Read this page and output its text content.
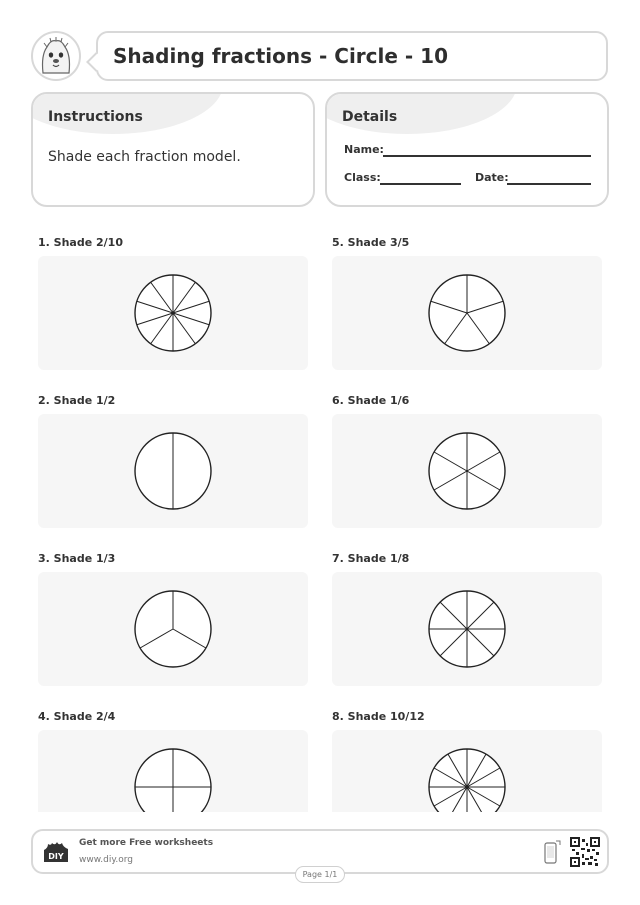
Shading fractions - Circle - 10
Instructions
Shade each fraction model.
Details
Name:
Class:	Date:
1. Shade 2/10
2. Shade 1/2
3. Shade 1/3
4. Shade 2/4
5. Shade 3/5
6. Shade 1/6
7. Shade 1/8
8. Shade 10/12
DIY
Get more Free worksheets
www.diy.org
Page 1/1
